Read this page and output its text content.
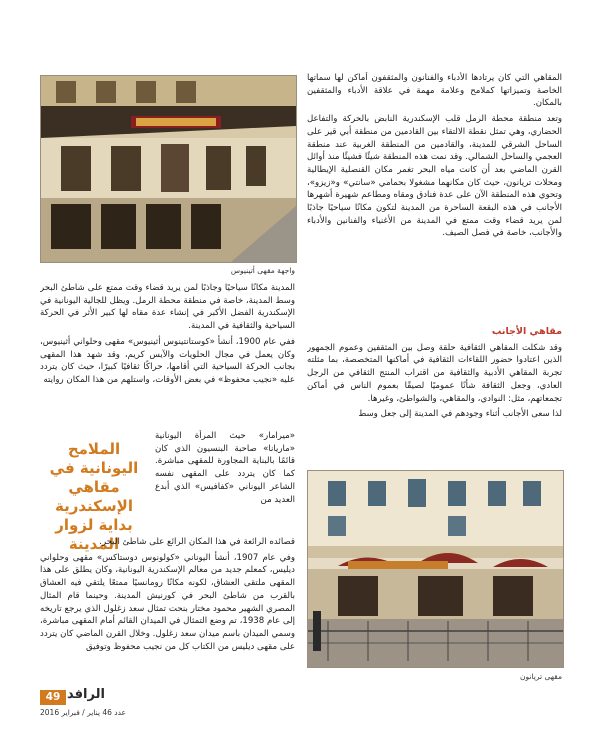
المقاهي التي كان يرتادها الأدباء والفنانون والمثقفون أماكن لها سماتها الخاصة وتميزاتها كملامح وعلامة مهمة في علاقة الأدباء والمثقفين بالمكان.

وتعد منطقة محطة الرمل قلب الإسكندرية النابض بالحركة والتفاعل الحضاري، وهي تمثل نقطة الالتقاء بين القادمين من منطقة أبي قير على الساحل الشرقي للمدينة، والقادمين من المنطقة الغربية عند منطقة العجمي والساحل الشمالي. وقد نمت هذه المنطقة شيئًا فشيئًا منذ أوائل القرن الماضي بعد أن كانت مياه البحر تغمر مكان القنصلية الإيطالية ومحلات تريانون، حيث كان مكانهما مشغولا بحمامي «سانتي» و«زيزو»، وتحوي هذه المنطقة الآن على عدة فنادق ومقاه ومطاعم شهيرة أشهرها الأجانب في هذه البقعة الساحرة من المدينة لتكون مكانًا سياحيًا جاذبًا لمن يريد قضاء وقت ممتع في المدينة من الأغنياء والفنانين والأدباء والأجانب، خاصة في فصل الصيف.

مقاهي الأجانب

وقد شكلت المقاهي الثقافية حلقة وصل بين المثقفين وعموم الجمهور الذين اعتادوا حضور اللقاءات الثقافية في أماكنها المتخصصة، بما مثلته تجربة المقاهي الأدبية والثقافية من اقتراب المنتج الثقافي من الرجل العادي، وجعل الثقافة شأنًا عموميًا لصيقًا بعموم الناس في أماكن تجمعاتهم، مثل: النوادي، والمقاهي، والشواطئ، وغيرها.

لذا سعى الأجانب أثناء وجودهم في المدينة إلى جعل وسط

واجهة مقهى أتينيوس

المدينة مكانًا سياحيًا وجاذبًا لمن يريد قضاء وقت ممتع على شاطئ البحر وسط المدينة، خاصة في منطقة محطة الرمل. ويظل للجالية اليونانية في الإسكندرية الفضل الأكبر في إنشاء عدة مقاه لها كبير الأثر في الحركة السياحية والثقافية في المدينة.

ففي عام 1900، أنشأ «كوستانتينوس أثينيوس» مقهى وحلواني أثينيوس، وكان يعمل في مجال الحلويات والآيس كريم، وقد شهد هذا المقهى بجانب الحركة السياحية التي أقامها، حراكًا ثقافيًا كبيرًا، حيث كان يتردد عليه «نجيب محفوظ» في بعض الأوقات، واستلهم من هذا المكان روايته

«ميرامار» حيث المرأة اليونانية «ماريانا» صاحبة البنسيون الذي كان قائمًا بالبناية المجاورة للمقهى مباشرة. كما كان يتردد على المقهى نفسه الشاعر اليوناني «كفافيس» الذي أبدع العديد من

الملامح اليونانية في مقاهي الإسكندرية بداية لزوار المدينة

قصائده الرائعة في هذا المكان الرائع على شاطئ البحر.

وفي عام 1907، أنشأ اليوناني «كولونوس دوستاكس» مقهى وحلواني ديليس، كمعلم جديد من معالم الإسكندرية اليونانية، وكان يطلق على هذا المقهى ملتقى العشاق، لكونه مكانًا رومانسيًا ممتعًا يلتقي فيه العشاق بالقرب من شاطئ البحر في كورنيش المدينة. وحينما قام المثال المصري الشهير محمود مختار بنحت تمثال سعد زغلول الذي يرجع تاريخه إلى عام 1938، تم وضع التمثال في الميدان القائم أمام المقهى مباشرة، وسمي الميدان باسم ميدان سعد زغلول. وخلال القرن الماضي كان يتردد على مقهى ديليس من الكتاب كل من نجيب محفوظ وتوفيق

مقهى تريانون
49 الرافد
عدد 46 يناير / فبراير 2016
